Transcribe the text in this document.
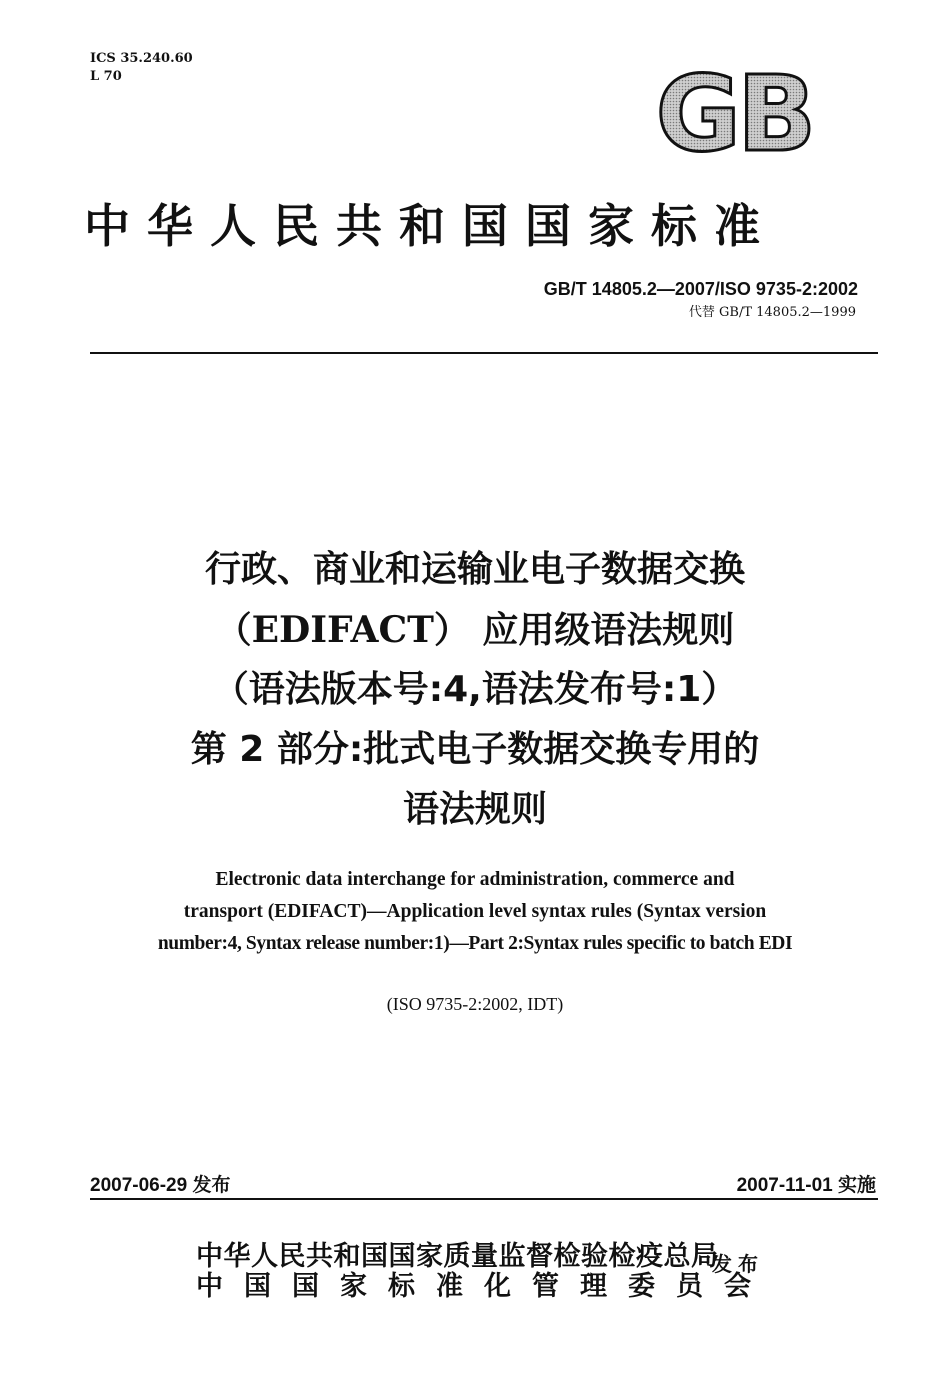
ICS 35.240.60
L 70	GB
中华人民共和国国家标准
GB/T 14805.2—2007/ISO 9735-2:2002
代替 GB/T 14805.2—1999
行政、商业和运输业电子数据交换
（EDIFACT） 应用级语法规则
（语法版本号:4,语法发布号:1）
第 2 部分:批式电子数据交换专用的
语法规则
Electronic data interchange for administration, commerce and
transport (EDIFACT)—Application level syntax rules (Syntax version
number:4, Syntax release number:1)—Part 2:Syntax rules specific to batch EDI
(ISO 9735-2:2002, IDT)
2007-06-29 发布	2007-11-01 实施
中华人民共和国国家质量监督检验检疫总局
中国国家标准化管理委员会
发布
